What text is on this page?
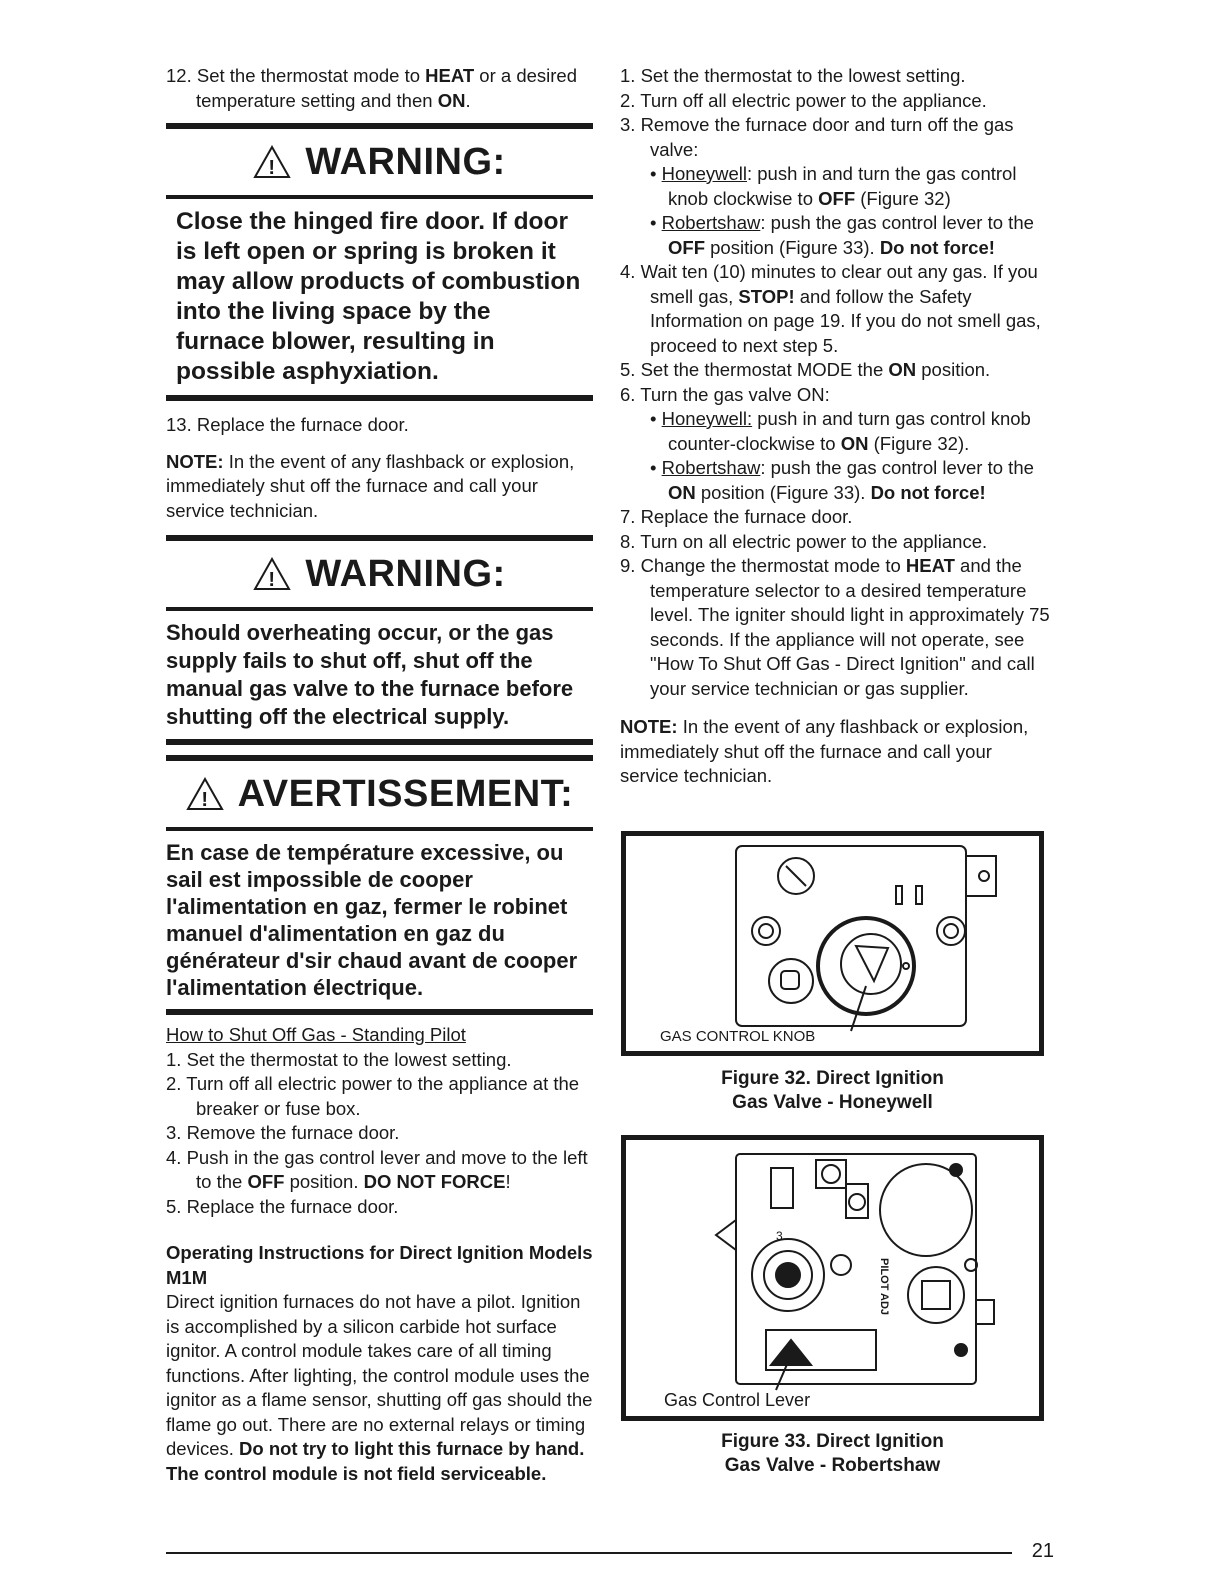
12. Set the thermostat mode to HEAT or a desired temperature setting and then ON.

! WARNING:
Close the hinged fire door. If door is left open or spring is broken it may allow products of combustion into the living space by the furnace blower, resulting in possible asphyxiation.

13. Replace the furnace door.

NOTE: In the event of any flashback or explosion, immediately shut off the furnace and call your service technician.

! WARNING:
Should overheating occur, or the gas supply fails to shut off, shut off the manual gas valve to the furnace before shutting off the electrical supply.
! AVERTISSEMENT:
En case de température excessive, ou sail est impossible de cooper l'alimentation en gaz, fermer le robinet manuel d'alimentation en gaz du générateur d'sir chaud avant de cooper l'alimentation électrique.

How to Shut Off Gas - Standing Pilot

1. Set the thermostat to the lowest setting.

2. Turn off all electric power to the appliance at the breaker or fuse box.

3. Remove the furnace door.

4. Push in the gas control lever and move to the left to the OFF position. DO NOT FORCE!

5. Replace the furnace door.

Operating Instructions for Direct Ignition Models M1M

Direct ignition furnaces do not have a pilot. Ignition is accomplished by a silicon carbide hot surface ignitor. A control module takes care of all timing functions. After lighting, the control module uses the ignitor as a flame sensor, shutting off gas should the flame go out. There are no external relays or timing devices. Do not try to light this furnace by hand. The control module is not field serviceable.

1. Set the thermostat to the lowest setting.

2. Turn off all electric power to the appliance.

3. Remove the furnace door and turn off the gas valve:

• Honeywell: push in and turn the gas control knob clockwise to OFF (Figure 32)

• Robertshaw: push the gas control lever to the OFF position (Figure 33). Do not force!

4. Wait ten (10) minutes to clear out any gas. If you smell gas, STOP! and follow the Safety Information on page 19. If you do not smell gas, proceed to next step 5.

5. Set the thermostat MODE the ON position.

6. Turn the gas valve ON:

• Honeywell: push in and turn gas control knob counter-clockwise to ON (Figure 32).

• Robertshaw: push the gas control lever to the ON position (Figure 33). Do not force!

7. Replace the furnace door.

8. Turn on all electric power to the appliance.

9. Change the thermostat mode to HEAT and the temperature selector to a desired temperature level. The igniter should light in approximately 75 seconds. If the appliance will not operate, see "How To Shut Off Gas - Direct Ignition" and call your service technician or gas supplier.

NOTE: In the event of any flashback or explosion, immediately shut off the furnace and call your service technician.

GAS CONTROL KNOB
Figure 32. Direct Ignition
Gas Valve - Honeywell
3
PILOT ADJ
Gas Control Lever
Figure 33. Direct Ignition
Gas Valve - Robertshaw
21
